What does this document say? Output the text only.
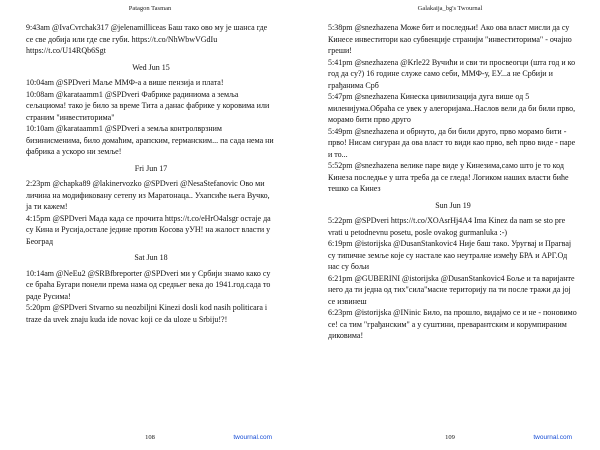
Patagon Tasman

9:43am @IvaCvrchak317 @jelenamilliceas Баш тако ово му је шанса где се све добија или где све губи. https://t.co/NhWbwVGdIu https://t.co/U14RQb6Sgt

Wed Jun 15

10:04am @SPDveri Маље ММФ-а а више пензија и плата!

10:08am @karataamm1 @SPDveri Фабрике радиниома а земља сељациома! тако је било за време Тита а данас фабрике у коровима или страним "инвеститорима"

10:10am @karataamm1 @SPDveri а земља контролврзним бизинисменима, било домаћим, арапским, германским... па сада нема ни фабрика а ускоро ни земље!

Fri Jun 17

2:23pm @chapka89 @lakinervozko @SPDveri @NesaStefanovic Ово ми личина на модификовану сетепу из Маратонаца.. Ухапсиће њега Вучко, ја ти кажем!

4:15pm @SPDveri Мада када се прочита https://t.co/eHrO4alsgr остаје да су Кина и Русија,остале једине против Косова уУН! на жалост власти у Београд

Sat Jun 18

10:14am @NeEu2 @SRBfbreporter @SPDveri ми у Србији знамо како су се браћа Бугари понели према нама од средњег века до 1941.год.сада то раде Русима!

5:20pm @SPDveri Stvarno su neozbiljni Kinezi dosli kod nasih politicara i traze da uvek znaju kuda ide novac koji ce da ulozе u Srbiju!?!

108	twournal.com
Galakaija_bg's Twournal

5:38pm @snezhazena Може бит и последњи! Ако ова власт мисли да су Кинесе инвеститори као субвенције странијм "инвеститорима" - очајно греши!

5:41pm @snezhazena @Krle22 Вучићи и сви ти просвеогци (шта год и ко год да су?) 16 године служе само себи, ММФ-у, ЕУ...а не Србији и грађанима Срб

5:47pm @snezhazena Кинеска цивилизација дуга више од 5 миленијума.Обраћа се увек у алегоријама..Наслов вели да би били прво, морамо бити прво друго

5:49pm @snezhazena и обрнуто, да би били друго, прво морамо бити - прво! Нисам сигуран да ова власт то види као прво, већ прво виде - паре и то...

5:52pm @snezhazena велике паре виде у Кинезима,само што је то код Кинеза последње у шта треба да се гледа! Логиком наших власти биће тешко са Кинез

Sun Jun 19

5:22pm @SPDveri https://t.co/XOAsrHj4A4 Ima Kinez da nam se sto pre vrati u petodnevnu posetu, posle ovakog gurmanluka :-)

6:19pm @istorijska @DusanStankovic4 Није баш тако. Уругвај и Прагвај су типичне земље које су настале као неутралне између БРА и АРГ.Од нас су бољи

6:21pm @GUBERINI @istorijska @DusanStankovic4 Боље и та варијанте него да ти једна од тих"сила"масне територију па ти после тражи да јој се извинеш

6:23pm @istorijska @INinic Било, па прошло, видајмо се и не - поновимо се! са тим "грађанским" а у суштини, преварантским и корумпираним диковима!

109	twournal.com
